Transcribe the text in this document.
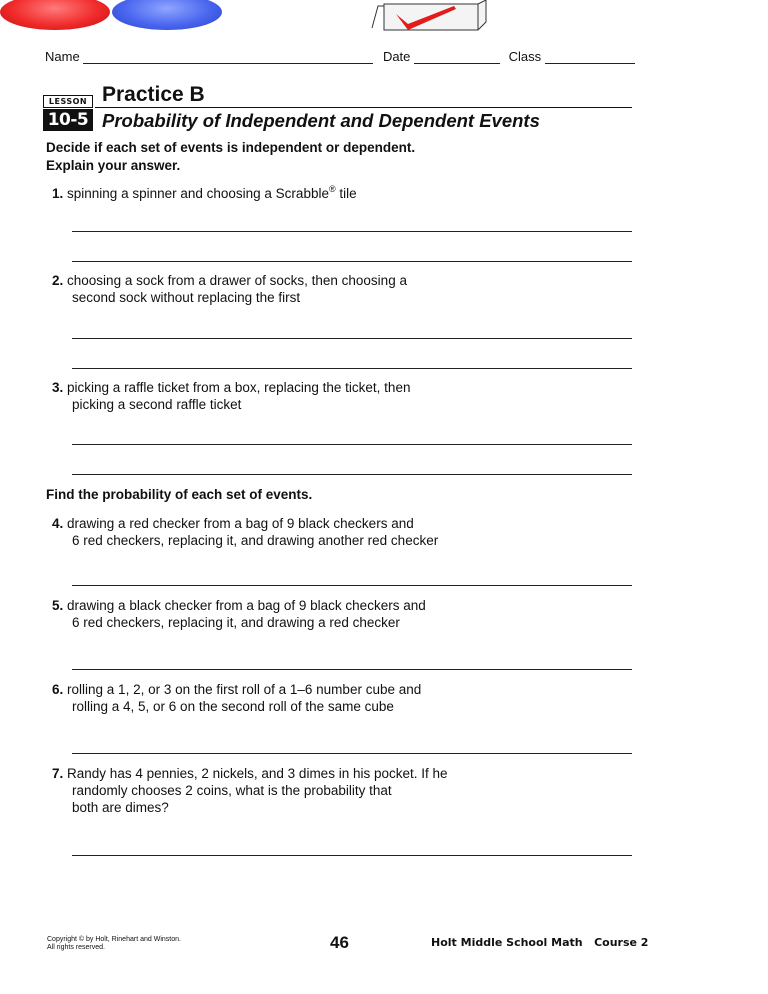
Name	Date	Class
LESSON
10-5
Practice B
Probability of Independent and Dependent Events
Decide if each set of events is independent or dependent.
Explain your answer.
1. spinning a spinner and choosing a Scrabble® tile
2. choosing a sock from a drawer of socks, then choosing a
second sock without replacing the first
3. picking a raffle ticket from a box, replacing the ticket, then
picking a second raffle ticket
Find the probability of each set of events.
4. drawing a red checker from a bag of 9 black checkers and
6 red checkers, replacing it, and drawing another red checker
5. drawing a black checker from a bag of 9 black checkers and
6 red checkers, replacing it, and drawing a red checker
6. rolling a 1, 2, or 3 on the first roll of a 1–6 number cube and
rolling a 4, 5, or 6 on the second roll of the same cube
7. Randy has 4 pennies, 2 nickels, and 3 dimes in his pocket. If he
randomly chooses 2 coins, what is the probability that
both are dimes?
Copyright © by Holt, Rinehart and Winston.
All rights reserved.	46	Holt Middle School Math   Course 2
